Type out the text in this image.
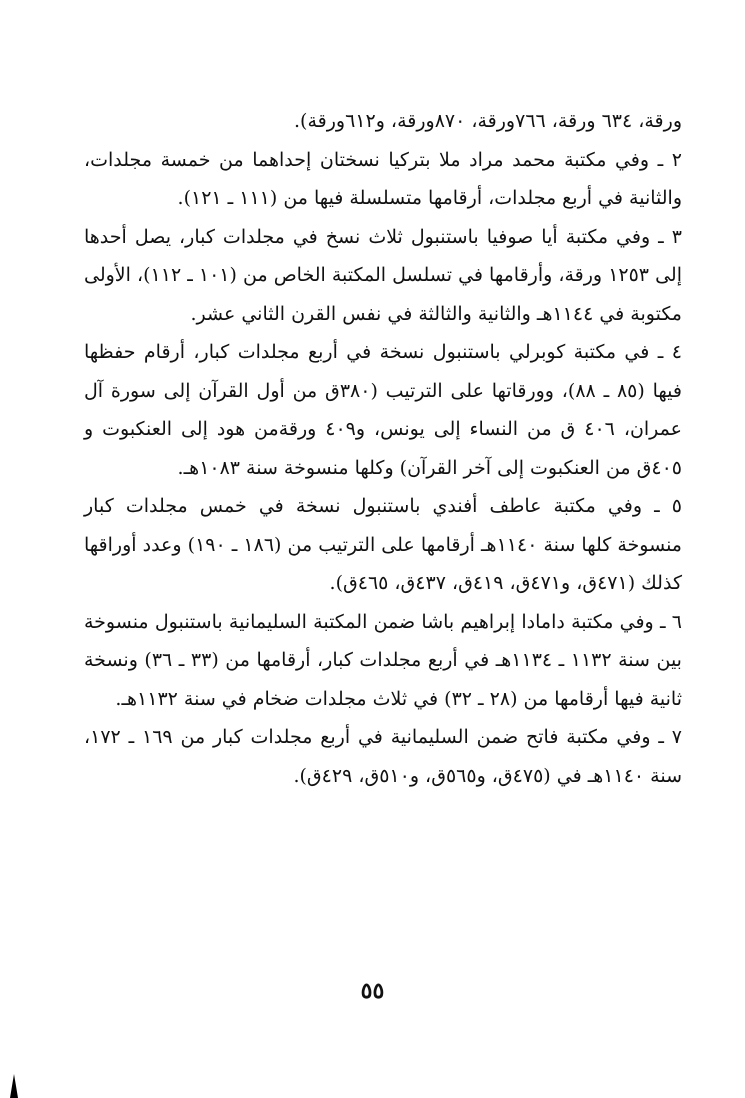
ورقة، ٦٣٤ ورقة، ٧٦٦ورقة، ٨٧٠ورقة، و٦١٢ورقة).

٢ ـ وفي مكتبة محمد مراد ملا بتركيا نسختان إحداهما من خمسة مجلدات، والثانية في أربع مجلدات، أرقامها متسلسلة فيها من (١١١ ـ ١٢١).

٣ ـ وفي مكتبة أيا صوفيا باستنبول ثلاث نسخ في مجلدات كبار، يصل أحدها إلى ١٢٥٣ ورقة، وأرقامها في تسلسل المكتبة الخاص من (١٠١ ـ ١١٢)، الأولى مكتوبة في ١١٤٤هـ والثانية والثالثة في نفس القرن الثاني عشر.

٤ ـ في مكتبة كوبرلي باستنبول نسخة في أربع مجلدات كبار، أرقام حفظها فيها (٨٥ ـ ٨٨)، وورقاتها على الترتيب (٣٨٠ق من أول القرآن إلى سورة آل عمران، ٤٠٦ ق من النساء إلى يونس، و٤٠٩ ورقةمن هود إلى العنكبوت و ٤٠٥ق من العنكبوت إلى آخر القرآن) وكلها منسوخة سنة ١٠٨٣هـ.

٥ ـ وفي مكتبة عاطف أفندي باستنبول نسخة في خمس مجلدات كبار منسوخة كلها سنة ١١٤٠هـ أرقامها على الترتيب من (١٨٦ ـ ١٩٠) وعدد أوراقها كذلك (٤٧١ق، و٤٧١ق، ٤١٩ق، ٤٣٧ق، ٤٦٥ق).

٦ ـ وفي مكتبة دامادا إبراهيم باشا ضمن المكتبة السليمانية باستنبول منسوخة بين سنة ١١٣٢ ـ ١١٣٤هـ في أربع مجلدات كبار، أرقامها من (٣٣ ـ ٣٦) ونسخة ثانية فيها أرقامها من (٢٨ ـ ٣٢) في ثلاث مجلدات ضخام في سنة ١١٣٢هـ.

٧ ـ وفي مكتبة فاتح ضمن السليمانية في أربع مجلدات كبار من ١٦٩ ـ ١٧٢، سنة ١١٤٠هـ في (٤٧٥ق، و٥٦٥ق، و٥١٠ق، ٤٢٩ق).

٥٥
